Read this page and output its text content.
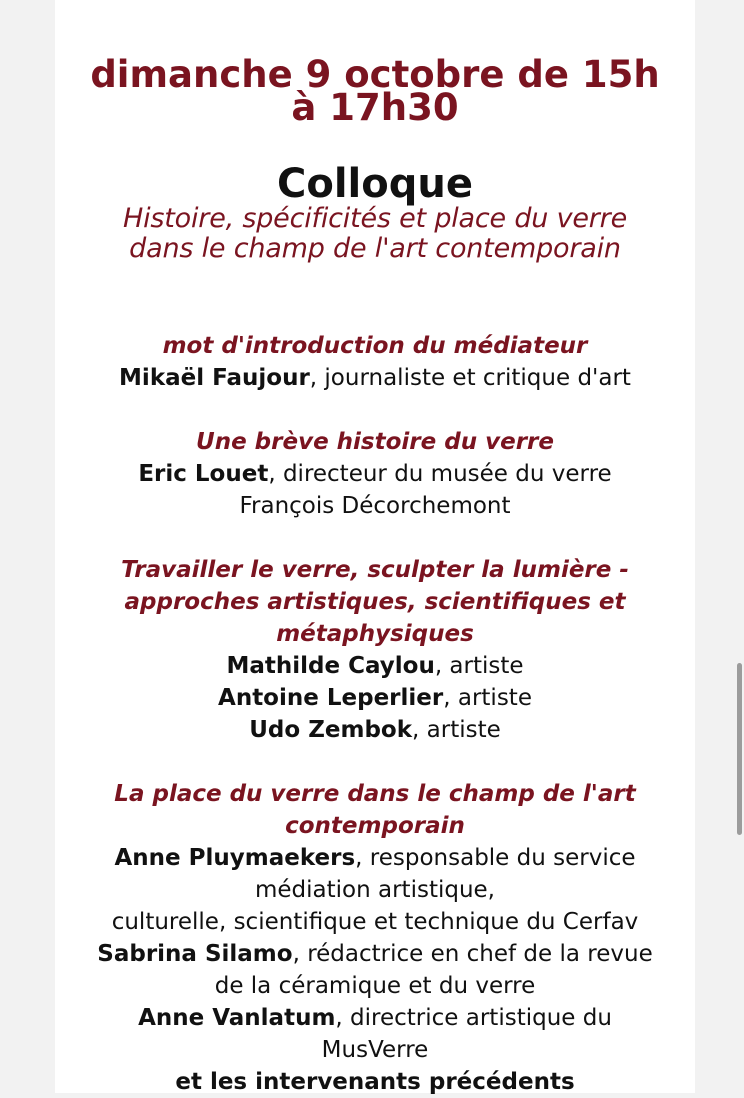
dimanche 9 octobre de 15h

à 17h30

Colloque

Histoire, spécificités et place du verre

dans le champ de l'art contemporain

mot d'introduction du médiateur

Mikaël Faujour, journaliste et critique d'art

Une brève histoire du verre

Eric Louet, directeur du musée du verre

François Décorchemont

Travailler le verre, sculpter la lumière -

approches artistiques, scientifiques et

métaphysiques

Mathilde Caylou, artiste

Antoine Leperlier, artiste

Udo Zembok, artiste

La place du verre dans le champ de l'art

contemporain

Anne Pluymaekers, responsable du service

médiation artistique,

culturelle, scientifique et technique du Cerfav

Sabrina Silamo, rédactrice en chef de la revue

de la céramique et du verre

Anne Vanlatum, directrice artistique du

MusVerre

et les intervenants précédents
